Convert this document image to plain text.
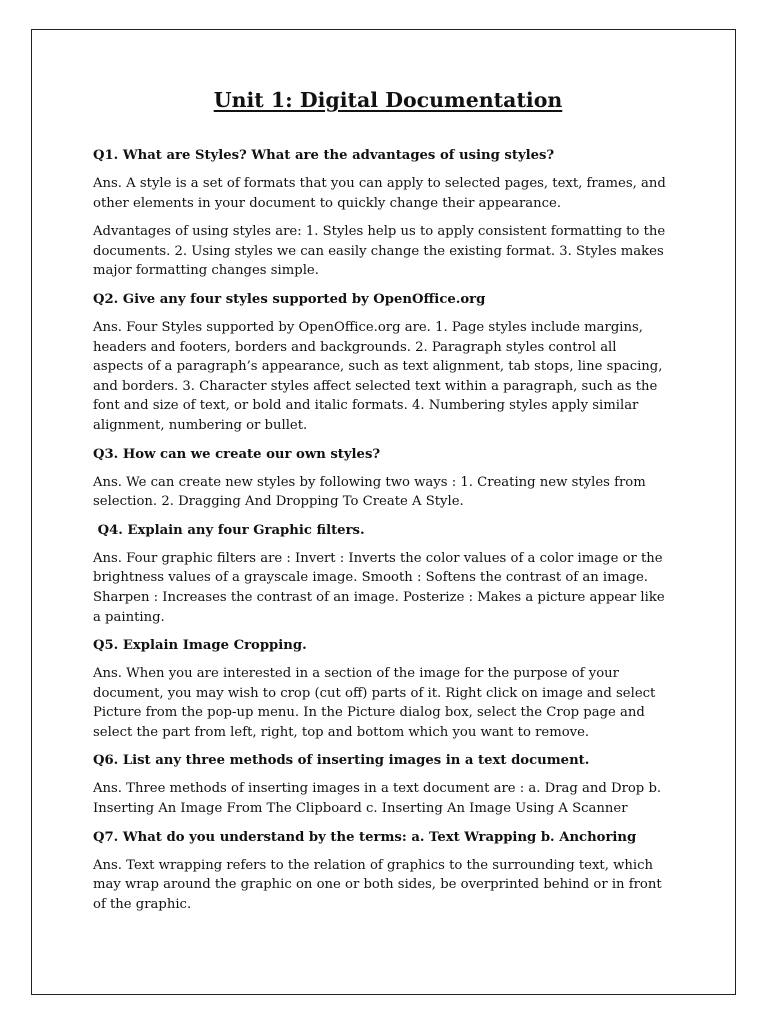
Unit 1: Digital Documentation
Q1. What are Styles? What are the advantages of using styles?
Ans. A style is a set of formats that you can apply to selected pages, text, frames, and
other elements in your document to quickly change their appearance.
Advantages of using styles are: 1. Styles help us to apply consistent formatting to the
documents. 2. Using styles we can easily change the existing format. 3. Styles makes
major formatting changes simple.
Q2. Give any four styles supported by OpenOffice.org
Ans. Four Styles supported by OpenOffice.org are. 1. Page styles include margins,
headers and footers, borders and backgrounds. 2. Paragraph styles control all
aspects of a paragraph’s appearance, such as text alignment, tab stops, line spacing,
and borders. 3. Character styles affect selected text within a paragraph, such as the
font and size of text, or bold and italic formats. 4. Numbering styles apply similar
alignment, numbering or bullet.
Q3. How can we create our own styles?
Ans. We can create new styles by following two ways : 1. Creating new styles from
selection. 2. Dragging And Dropping To Create A Style.
Q4. Explain any four Graphic filters.
Ans. Four graphic filters are : Invert : Inverts the color values of a color image or the
brightness values of a grayscale image. Smooth : Softens the contrast of an image.
Sharpen : Increases the contrast of an image. Posterize : Makes a picture appear like
a painting.
Q5. Explain Image Cropping.
Ans. When you are interested in a section of the image for the purpose of your
document, you may wish to crop (cut off) parts of it. Right click on image and select
Picture from the pop-up menu. In the Picture dialog box, select the Crop page and
select the part from left, right, top and bottom which you want to remove.
Q6. List any three methods of inserting images in a text document.
Ans. Three methods of inserting images in a text document are : a. Drag and Drop b.
Inserting An Image From The Clipboard c. Inserting An Image Using A Scanner
Q7. What do you understand by the terms: a. Text Wrapping b. Anchoring
Ans. Text wrapping refers to the relation of graphics to the surrounding text, which
may wrap around the graphic on one or both sides, be overprinted behind or in front
of the graphic.
